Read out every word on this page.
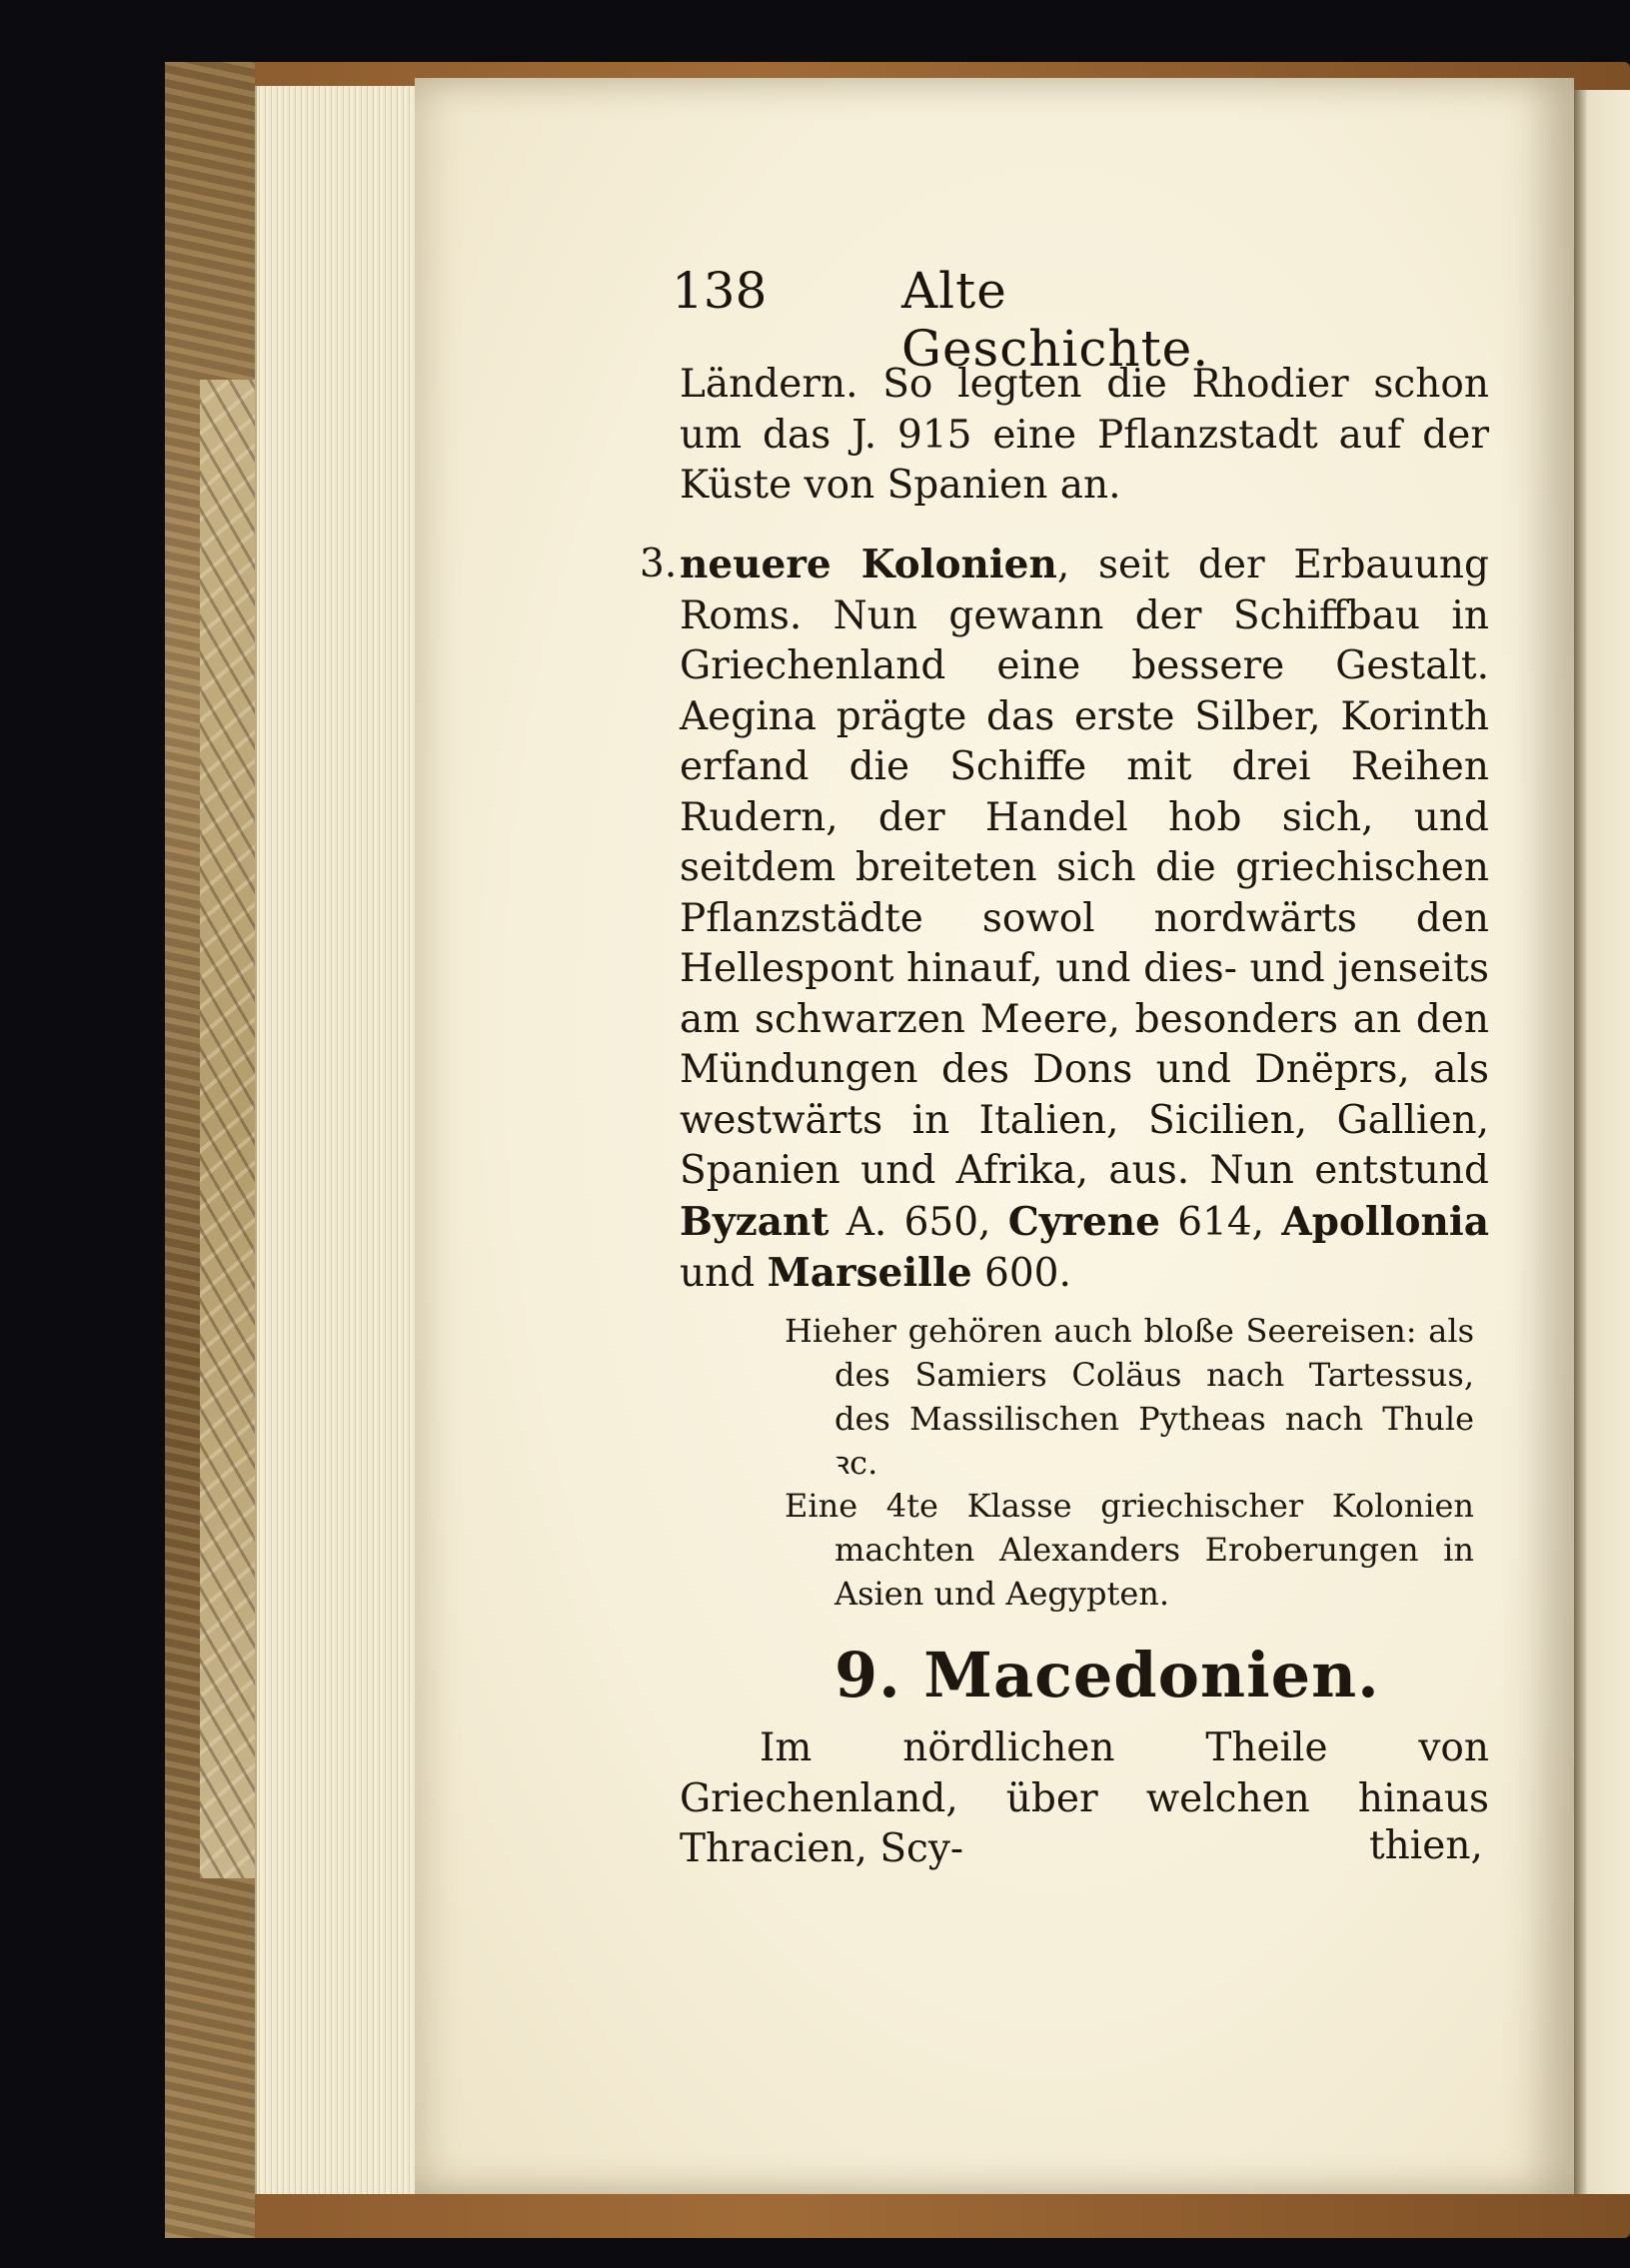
138	Alte Geschichte.
Ländern. So legten die Rhodier schon um das J. 915 eine Pflanzstadt auf der Küste von Spanien an.
3. neuere Kolonien, seit der Erbauung Roms. Nun gewann der Schiffbau in Griechenland eine bessere Gestalt. Aegina prägte das erste Silber, Korinth erfand die Schiffe mit drei Reihen Rudern, der Handel hob sich, und seitdem breiteten sich die griechischen Pflanzstädte sowol nordwärts den Hellespont hinauf, und dies- und jenseits am schwarzen Meere, besonders an den Mündungen des Dons und Dnëprs, als westwärts in Italien, Sicilien, Gallien, Spanien und Afrika, aus. Nun entstund Byzant A. 650, Cyrene 614, Apollonia und Marseille 600.
Hieher gehören auch bloße Seereisen: als des Samiers Coläus nach Tartessus, des Massilischen Pytheas nach Thule ꝛc.
Eine 4te Klasse griechischer Kolonien machten Alexanders Eroberungen in Asien und Aegypten.
9. Macedonien.
Im nördlichen Theile von Griechenland, über welchen hinaus Thracien, Scy-	thien,
